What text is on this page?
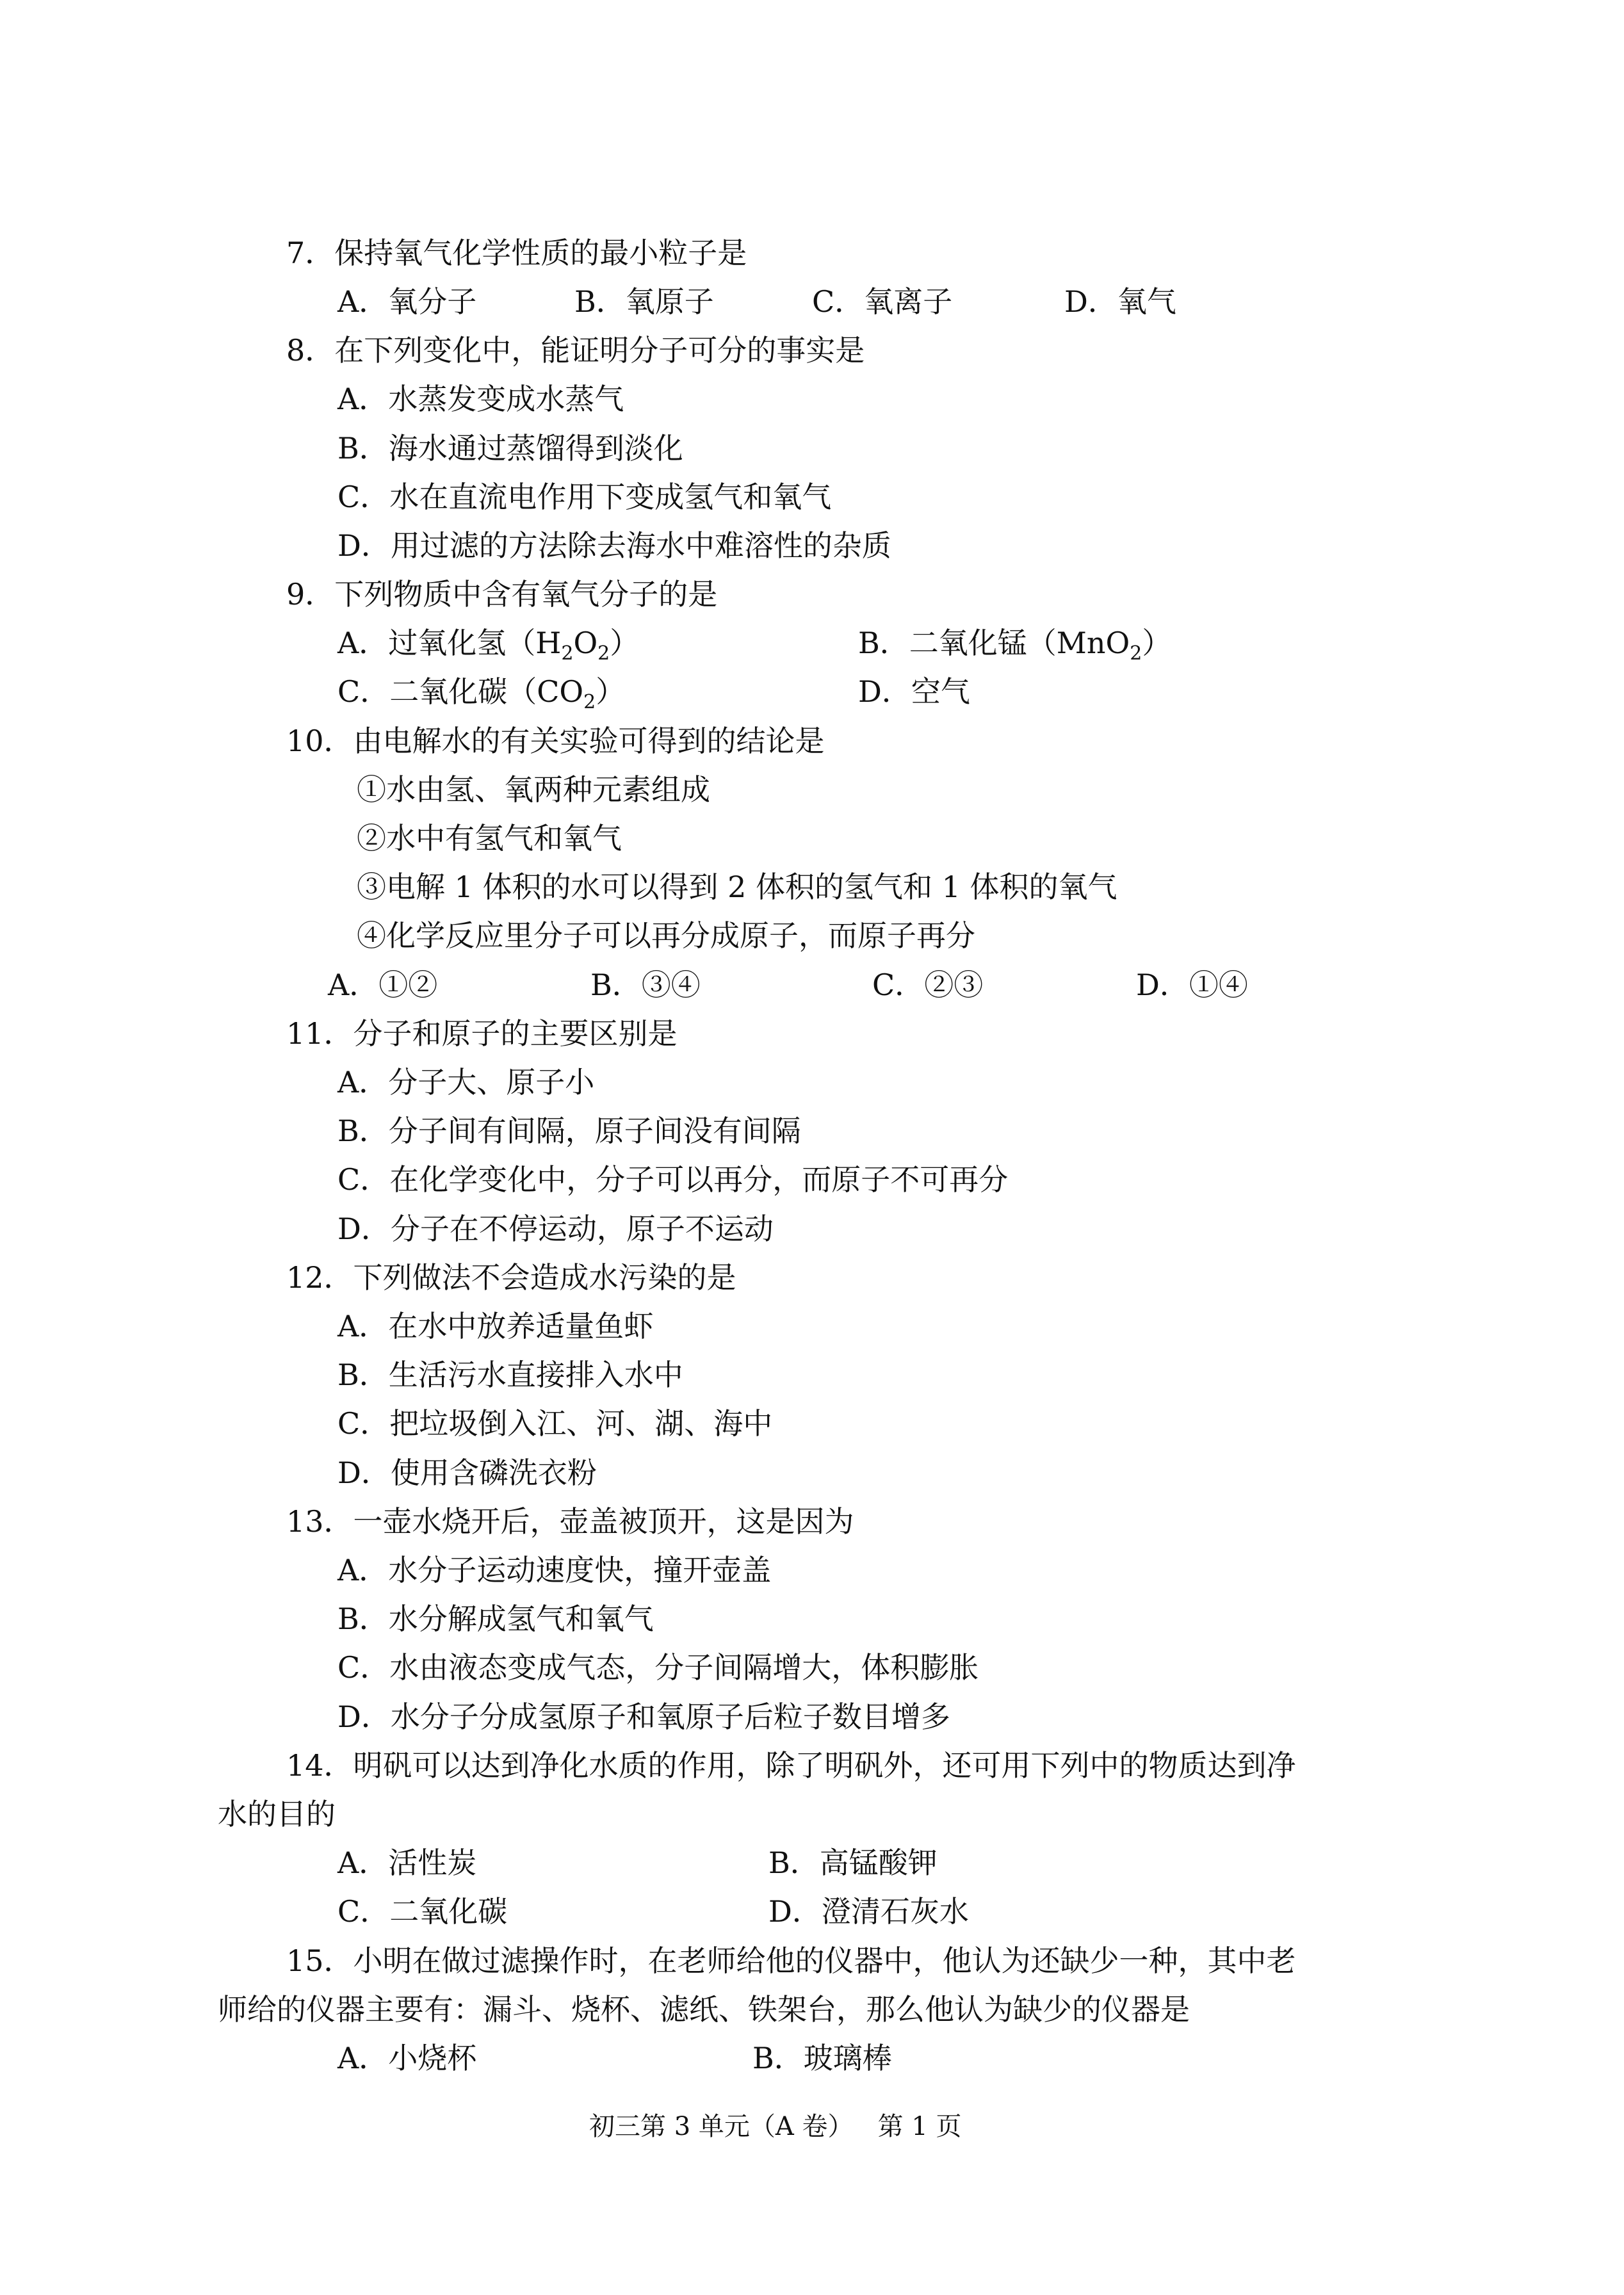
7．保持氧气化学性质的最小粒子是
A．氧分子	B．氧原子	C．氧离子	D．氧气
8．在下列变化中，能证明分子可分的事实是
A．水蒸发变成水蒸气
B．海水通过蒸馏得到淡化
C．水在直流电作用下变成氢气和氧气
D．用过滤的方法除去海水中难溶性的杂质
9．下列物质中含有氧气分子的是
A．过氧化氢$(H_2O_2)$	B．二氧化锰（MnO$_2$）
C．二氧化碳$(CO_2)$	D．空气
10．由电解水的有关实验可得到的结论是
①水由氢、氧两种元素组成
②水中有氢气和氧气
③电解 1 体积的水可以得到 2 体积的氢气和 1 体积的氧气
④化学反应里分子可以再分成原子，而原子再分
A．①②	B．③④	C．②③	D．①④
11．分子和原子的主要区别是
A．分子大、原子小
B．分子间有间隔，原子间没有间隔
C．在化学变化中，分子可以再分，而原子不可再分
D．分子在不停运动，原子不运动
12．下列做法不会造成水污染的是
A．在水中放养适量鱼虾
B．生活污水直接排入水中
C．把垃圾倒入江、河、湖、海中
D．使用含磷洗衣粉
13．一壶水烧开后，壶盖被顶开，这是因为
A．水分子运动速度快，撞开壶盖
B．水分解成氢气和氧气
C．水由液态变成气态，分子间隔增大，体积膨胀
D．水分子分成氢原子和氧原子后粒子数目增多
14．明矾可以达到净化水质的作用，除了明矾外，还可用下列中的物质达到净
水的目的
A．活性炭	B．高锰酸钾
C．二氧化碳	D．澄清石灰水
15．小明在做过滤操作时，在老师给他的仪器中，他认为还缺少一种，其中老
师给的仪器主要有：漏斗、烧杯、滤纸、铁架台，那么他认为缺少的仪器是
A．小烧杯	B．玻璃棒
初三第 3 单元（A 卷）   第 1 页
